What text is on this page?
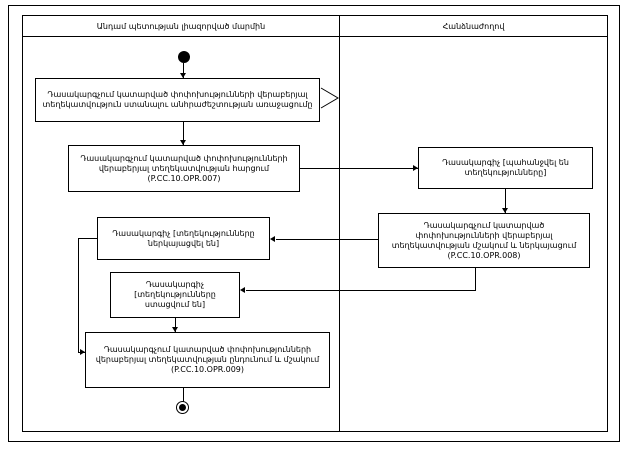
Անդամ պետության լիազորված մարմին	Հանձնաժողով
Դասակարգչում կատարված փոփոխությունների վերաբերյալ տեղեկատվություն ստանալու անհրաժեշտության առաջացումը
Դասակարգչում կատարված փոփոխությունների վերաբերյալ տեղեկատվության հարցում (P.CC.10.OPR.007)
Դասակարգիչ [պահանջվել են տեղեկությունները]
Դասակարգչում կատարված փոփոխությունների վերաբերյալ տեղեկատվության մշակում և ներկայացում (P.CC.10.OPR.008)
Դասակարգիչ [տեղեկությունները ներկայացվել են]
Դասակարգիչ [տեղեկությունները ստացվում են]
Դասակարգչում կատարված փոփոխությունների վերաբերյալ տեղեկատվության ընդունում և մշակում (P.CC.10.OPR.009)
